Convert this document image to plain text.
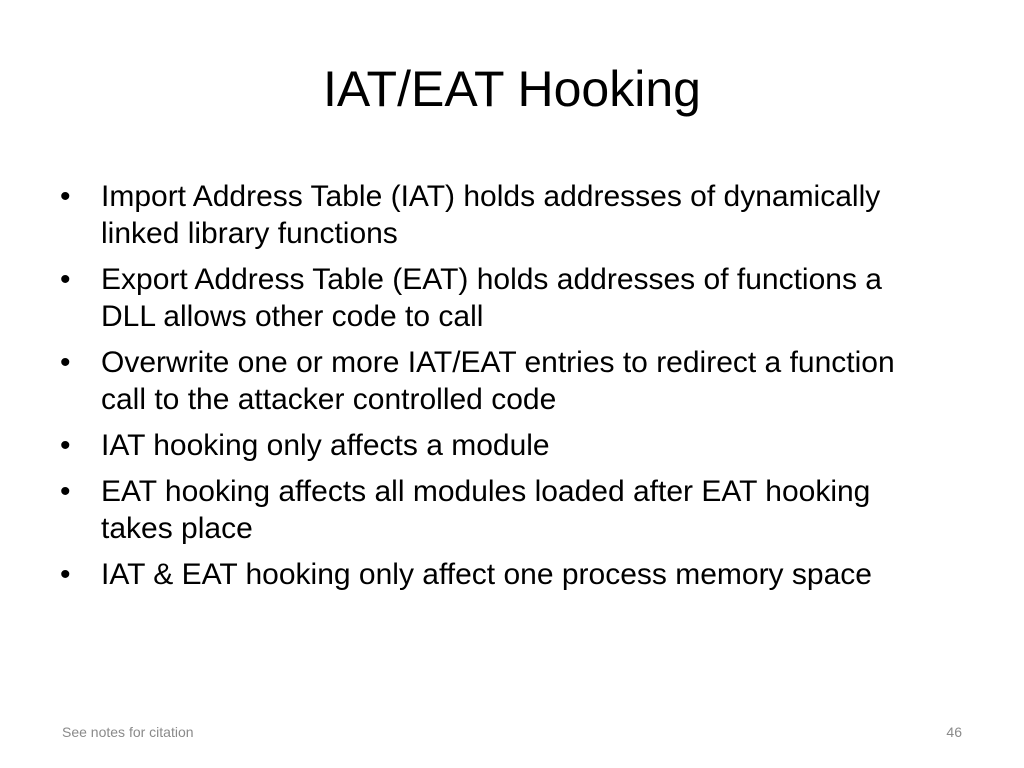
IAT/EAT Hooking
• Import Address Table (IAT) holds addresses of dynamically linked library functions
• Export Address Table (EAT) holds addresses of functions a DLL allows other code to call
• Overwrite one or more IAT/EAT entries to redirect a function call to the attacker controlled code
• IAT hooking only affects a module
• EAT hooking affects all modules loaded after EAT hooking takes place
• IAT & EAT hooking only affect one process memory space
See notes for citation	46
